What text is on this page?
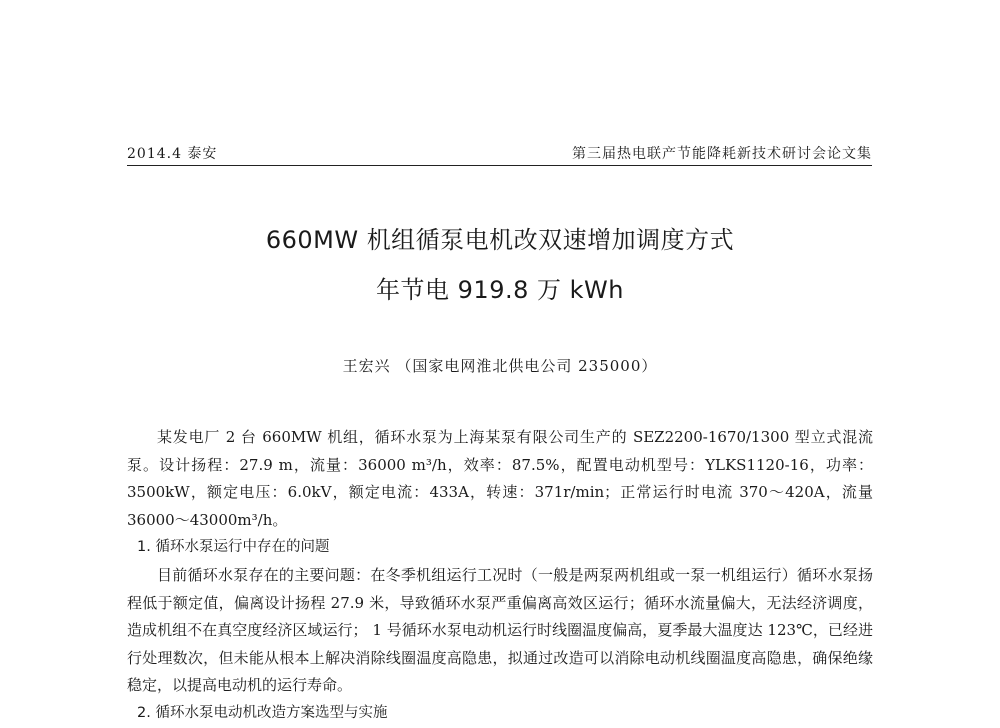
2014.4 泰安	第三届热电联产节能降耗新技术研讨会论文集
660MW 机组循泵电机改双速增加调度方式
年节电 919.8 万 kWh
王宏兴 （国家电网淮北供电公司 235000）

某发电厂 2 台 660MW 机组，循环水泵为上海某泵有限公司生产的 SEZ2200-1670/1300 型立式混流泵。设计扬程：27.9 m，流量：36000 m³/h，效率：87.5%，配置电动机型号：YLKS1120-16，功率：3500kW，额定电压：6.0kV，额定电流：433A，转速：371r/min；正常运行时电流 370～420A，流量 36000～43000m³/h。

1. 循环水泵运行中存在的问题

目前循环水泵存在的主要问题：在冬季机组运行工况时（一般是两泵两机组或一泵一机组运行）循环水泵扬程低于额定值，偏离设计扬程 27.9 米，导致循环水泵严重偏离高效区运行；循环水流量偏大，无法经济调度，造成机组不在真空度经济区域运行； 1 号循环水泵电动机运行时线圈温度偏高，夏季最大温度达 123℃，已经进行处理数次，但未能从根本上解决消除线圈温度高隐患，拟通过改造可以消除电动机线圈温度高隐患，确保绝缘稳定，以提高电动机的运行寿命。

2. 循环水泵电动机改造方案选型与实施
